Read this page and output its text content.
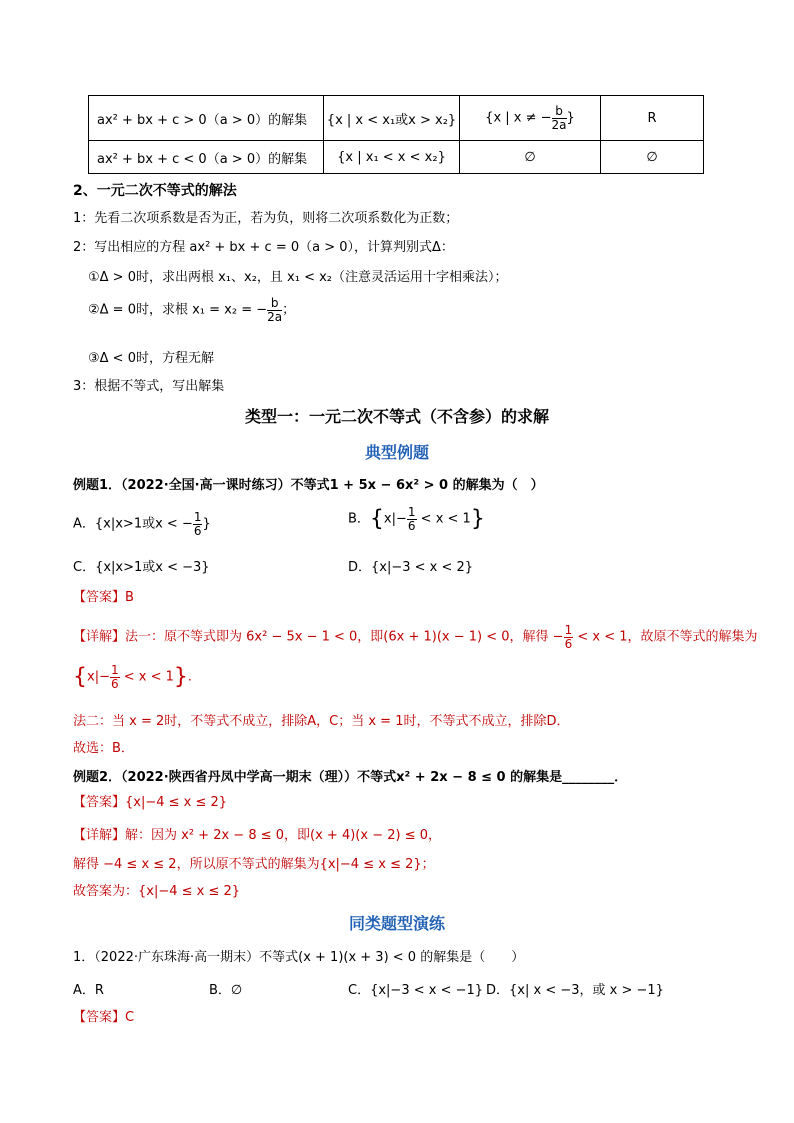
ax² + bx + c > 0（a > 0）的解集	{x | x < x₁或x > x₂}	{x | x ≠ − $\frac{b}{2a}$ }	R
ax² + bx + c < 0（a > 0）的解集	{x | x₁ < x < x₂}	∅	∅
2、一元二次不等式的解法
1：先看二次项系数是否为正，若为负，则将二次项系数化为正数；
2：写出相应的方程 ax² + bx + c = 0（a > 0），计算判别式Δ：
①Δ > 0时，求出两根 x₁、x₂，且 x₁ < x₂（注意灵活运用十字相乘法）；
②Δ = 0时，求根 x₁ = x₂ = − $\frac{b}{2a}$ ；
③Δ < 0时，方程无解
3：根据不等式，写出解集
类型一：一元二次不等式（不含参）的求解
典型例题
例题1．（2022·全国·高一课时练习）不等式1 + 5x − 6x² > 0 的解集为（　）
A．{x|x>1或x < − $\frac{1}{6}$ }	B．$\{x|- \frac{1}{6} < x < 1\}$
C．{x|x>1或x < −3}	D．{x|−3 < x < 2}
【答案】B
【详解】法一：原不等式即为 6x² − 5x − 1 < 0，即(6x + 1)(x − 1) < 0，解得 − $\frac{1}{6} < x < 1$，故原不等式的解集为
$\{x|- \frac{1}{6} < x < 1\}$.
法二：当 x = 2时，不等式不成立，排除A，C；当 x = 1时，不等式不成立，排除D．
故选：B．
例题2．（2022·陕西省丹凤中学高一期末（理））不等式x² + 2x − 8 ≤ 0 的解集是________．
【答案】{x|−4 ≤ x ≤ 2}
【详解】解：因为 x² + 2x − 8 ≤ 0，即(x + 4)(x − 2) ≤ 0，
解得 −4 ≤ x ≤ 2，所以原不等式的解集为{x|−4 ≤ x ≤ 2}；
故答案为：{x|−4 ≤ x ≤ 2}
同类题型演练
1．（2022·广东珠海·高一期末）不等式(x + 1)(x + 3) < 0 的解集是（　　）
A．R	B．∅	C．{x|−3 < x < −1} D．{x| x < −3，或 x > −1}
【答案】C
